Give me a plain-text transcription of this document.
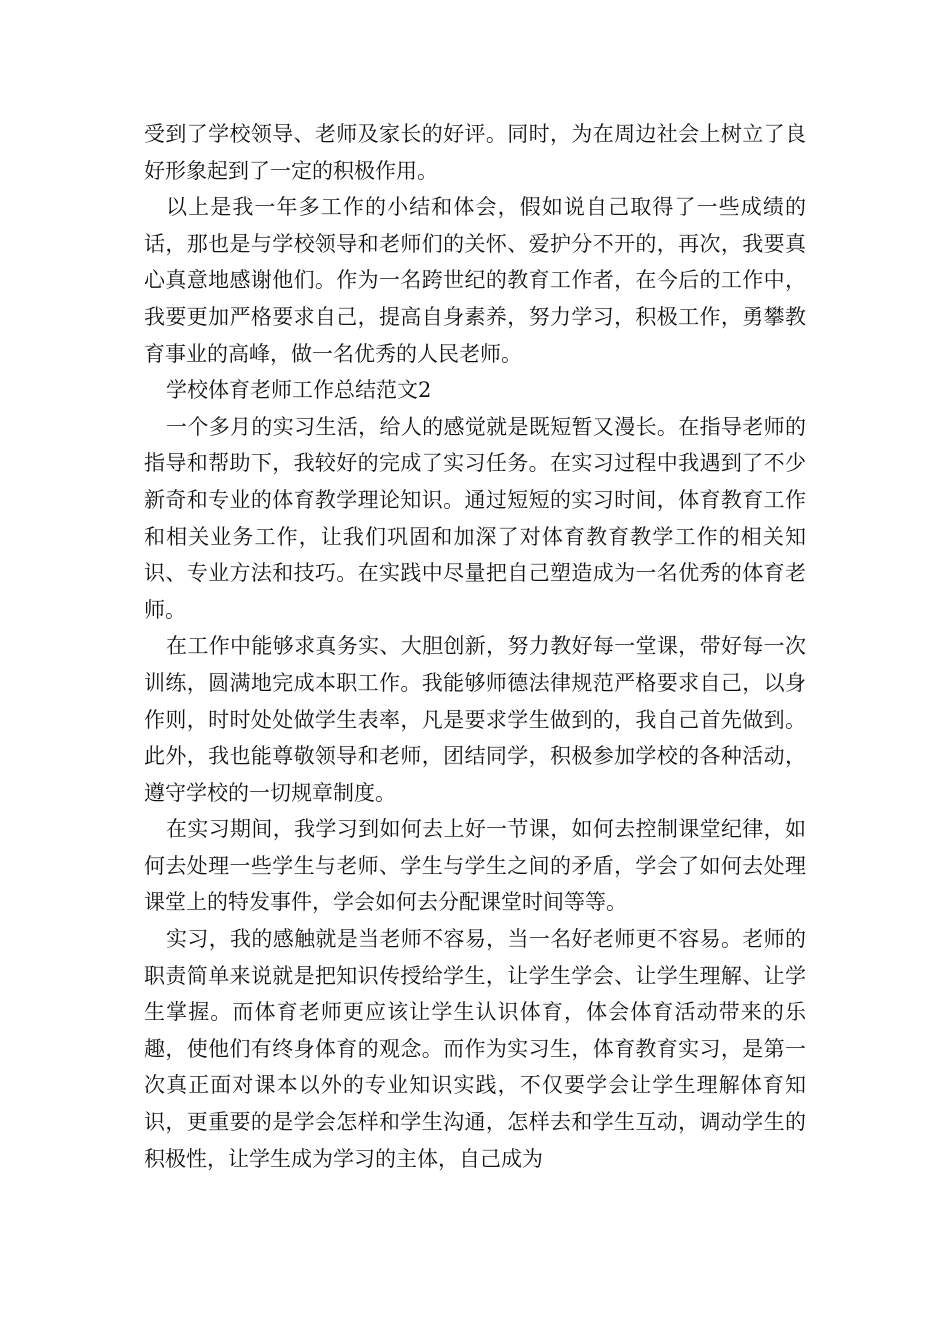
受到了学校领导、老师及家长的好评。同时，为在周边社会上树立了良好形象起到了一定的积极作用。

以上是我一年多工作的小结和体会，假如说自己取得了一些成绩的话，那也是与学校领导和老师们的关怀、爱护分不开的，再次，我要真心真意地感谢他们。作为一名跨世纪的教育工作者，在今后的工作中，我要更加严格要求自己，提高自身素养，努力学习，积极工作，勇攀教育事业的高峰，做一名优秀的人民老师。

学校体育老师工作总结范文2

一个多月的实习生活，给人的感觉就是既短暂又漫长。在指导老师的指导和帮助下，我较好的完成了实习任务。在实习过程中我遇到了不少新奇和专业的体育教学理论知识。通过短短的实习时间，体育教育工作和相关业务工作，让我们巩固和加深了对体育教育教学工作的相关知识、专业方法和技巧。在实践中尽量把自己塑造成为一名优秀的体育老师。

在工作中能够求真务实、大胆创新，努力教好每一堂课，带好每一次训练，圆满地完成本职工作。我能够师德法律规范严格要求自己，以身作则，时时处处做学生表率，凡是要求学生做到的，我自己首先做到。此外，我也能尊敬领导和老师，团结同学，积极参加学校的各种活动，遵守学校的一切规章制度。

在实习期间，我学习到如何去上好一节课，如何去控制课堂纪律，如何去处理一些学生与老师、学生与学生之间的矛盾，学会了如何去处理课堂上的特发事件，学会如何去分配课堂时间等等。

实习，我的感触就是当老师不容易，当一名好老师更不容易。老师的职责简单来说就是把知识传授给学生，让学生学会、让学生理解、让学生掌握。而体育老师更应该让学生认识体育，体会体育活动带来的乐趣，使他们有终身体育的观念。而作为实习生，体育教育实习，是第一次真正面对课本以外的专业知识实践，不仅要学会让学生理解体育知识，更重要的是学会怎样和学生沟通，怎样去和学生互动，调动学生的积极性，让学生成为学习的主体，自己成为
